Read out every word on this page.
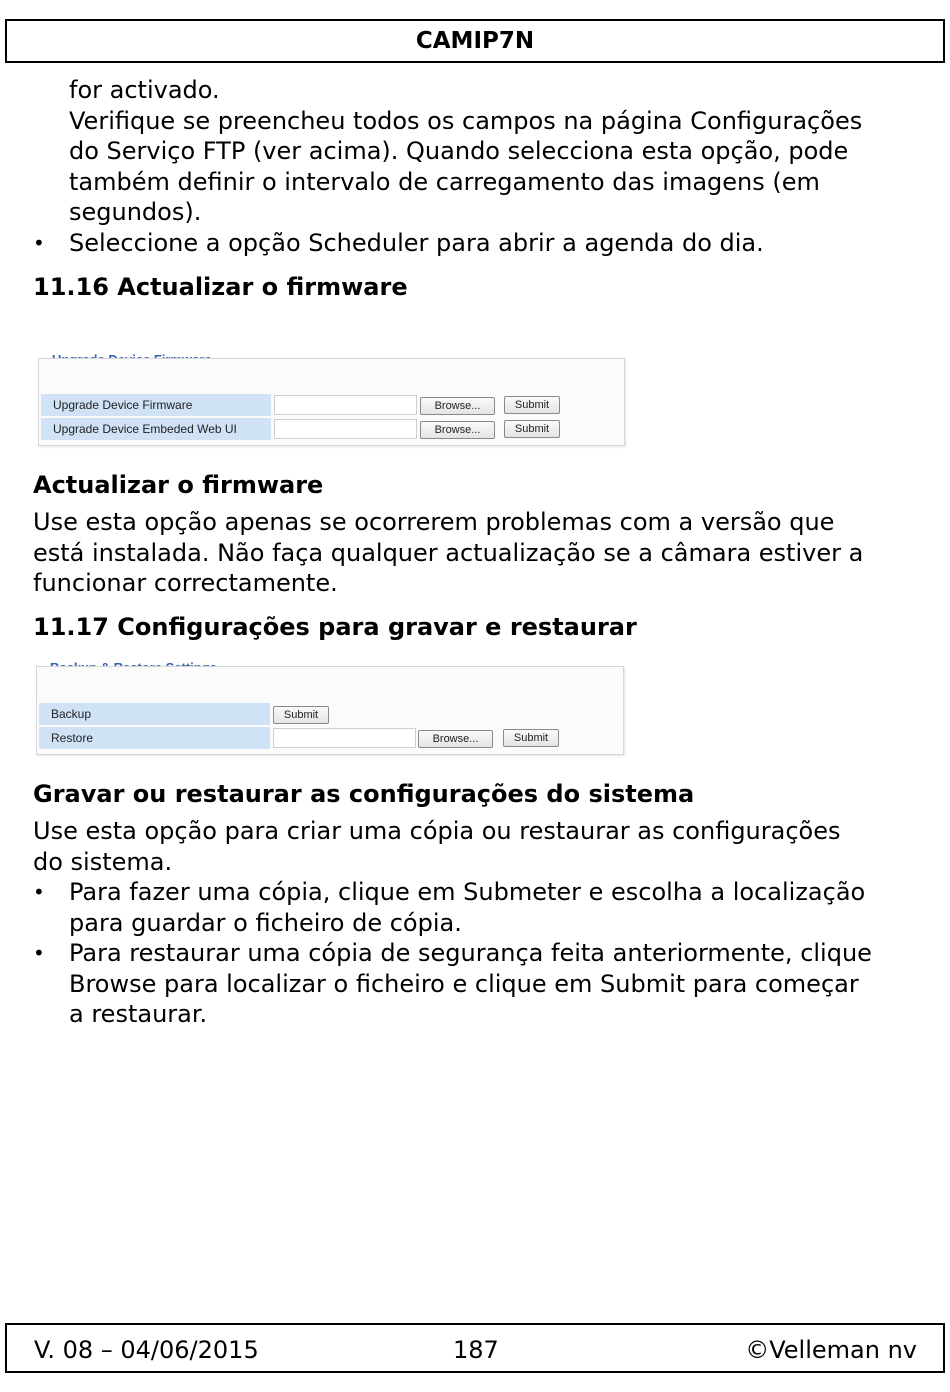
CAMIP7N
for activado.
Verifique se preencheu todos os campos na página Configurações
do Serviço FTP (ver acima). Quando selecciona esta opção, pode
também definir o intervalo de carregamento das imagens (em
segundos).
•	Seleccione a opção Scheduler para abrir a agenda do dia.
11.16 Actualizar o firmware
Upgrade Device Firmware	Browse...	Submit
Upgrade Device Embeded Web UI	Browse...	Submit
Actualizar o firmware
Use esta opção apenas se ocorrerem problemas com a versão que
está instalada. Não faça qualquer actualização se a câmara estiver a
funcionar correctamente.
11.17 Configurações para gravar e restaurar
Backup	Submit
Restore	Browse...	Submit
Gravar ou restaurar as configurações do sistema
Use esta opção para criar uma cópia ou restaurar as configurações
do sistema.
•	Para fazer uma cópia, clique em Submeter e escolha a localização
para guardar o ficheiro de cópia.
•	Para restaurar uma cópia de segurança feita anteriormente, clique
Browse para localizar o ficheiro e clique em Submit para começar
a restaurar.
V. 08 – 04/06/2015	187	©Velleman nv
